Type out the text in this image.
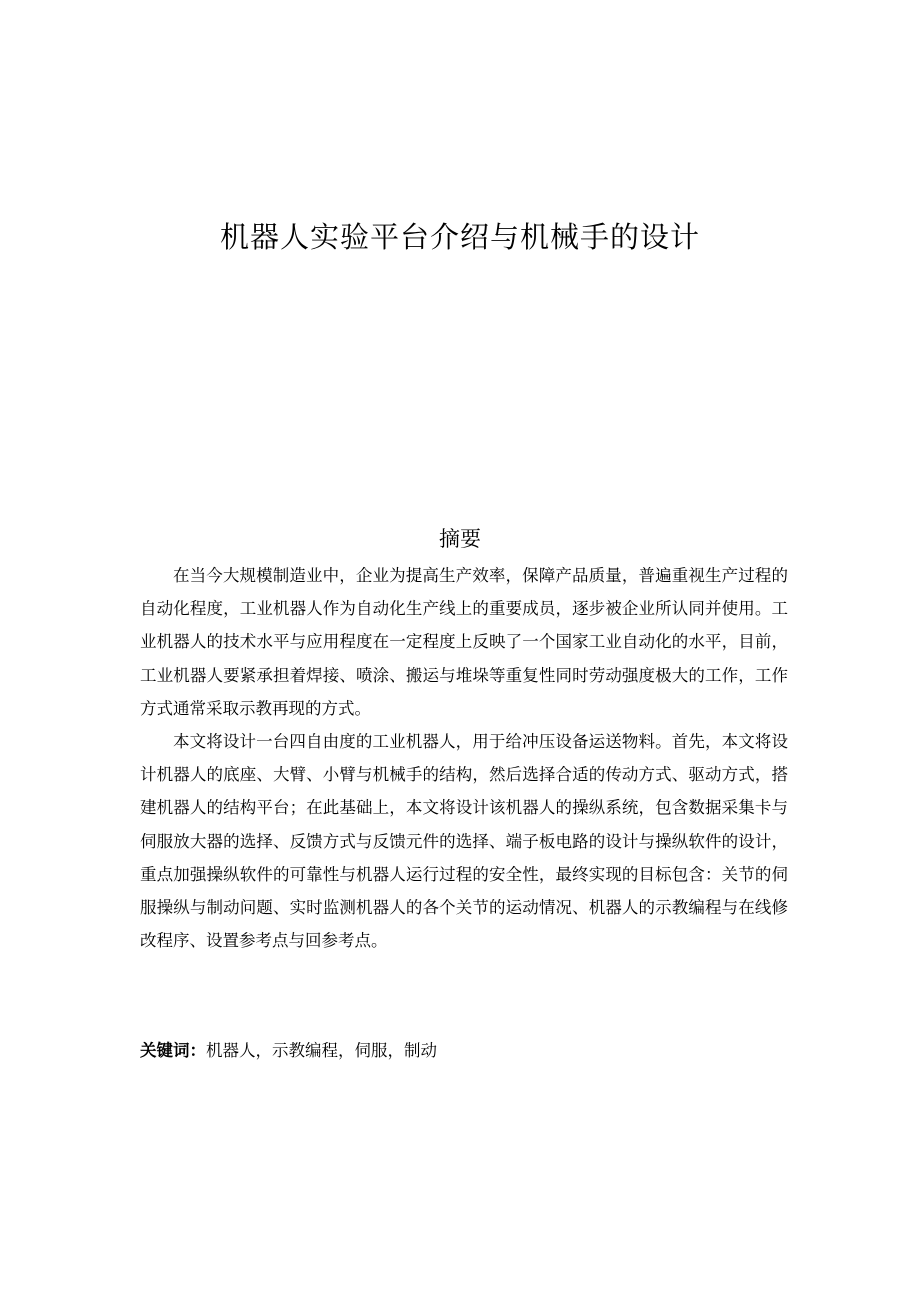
机器人实验平台介绍与机械手的设计
摘要

在当今大规模制造业中，企业为提高生产效率，保障产品质量，普遍重视生产过程的自动化程度，工业机器人作为自动化生产线上的重要成员，逐步被企业所认同并使用。工业机器人的技术水平与应用程度在一定程度上反映了一个国家工业自动化的水平，目前，工业机器人要紧承担着焊接、喷涂、搬运与堆垛等重复性同时劳动强度极大的工作，工作方式通常采取示教再现的方式。

本文将设计一台四自由度的工业机器人，用于给冲压设备运送物料。首先，本文将设计机器人的底座、大臂、小臂与机械手的结构，然后选择合适的传动方式、驱动方式，搭建机器人的结构平台；在此基础上，本文将设计该机器人的操纵系统，包含数据采集卡与伺服放大器的选择、反馈方式与反馈元件的选择、端子板电路的设计与操纵软件的设计，重点加强操纵软件的可靠性与机器人运行过程的安全性，最终实现的目标包含：关节的伺服操纵与制动问题、实时监测机器人的各个关节的运动情况、机器人的示教编程与在线修改程序、设置参考点与回参考点。

关键词：机器人，示教编程，伺服，制动
